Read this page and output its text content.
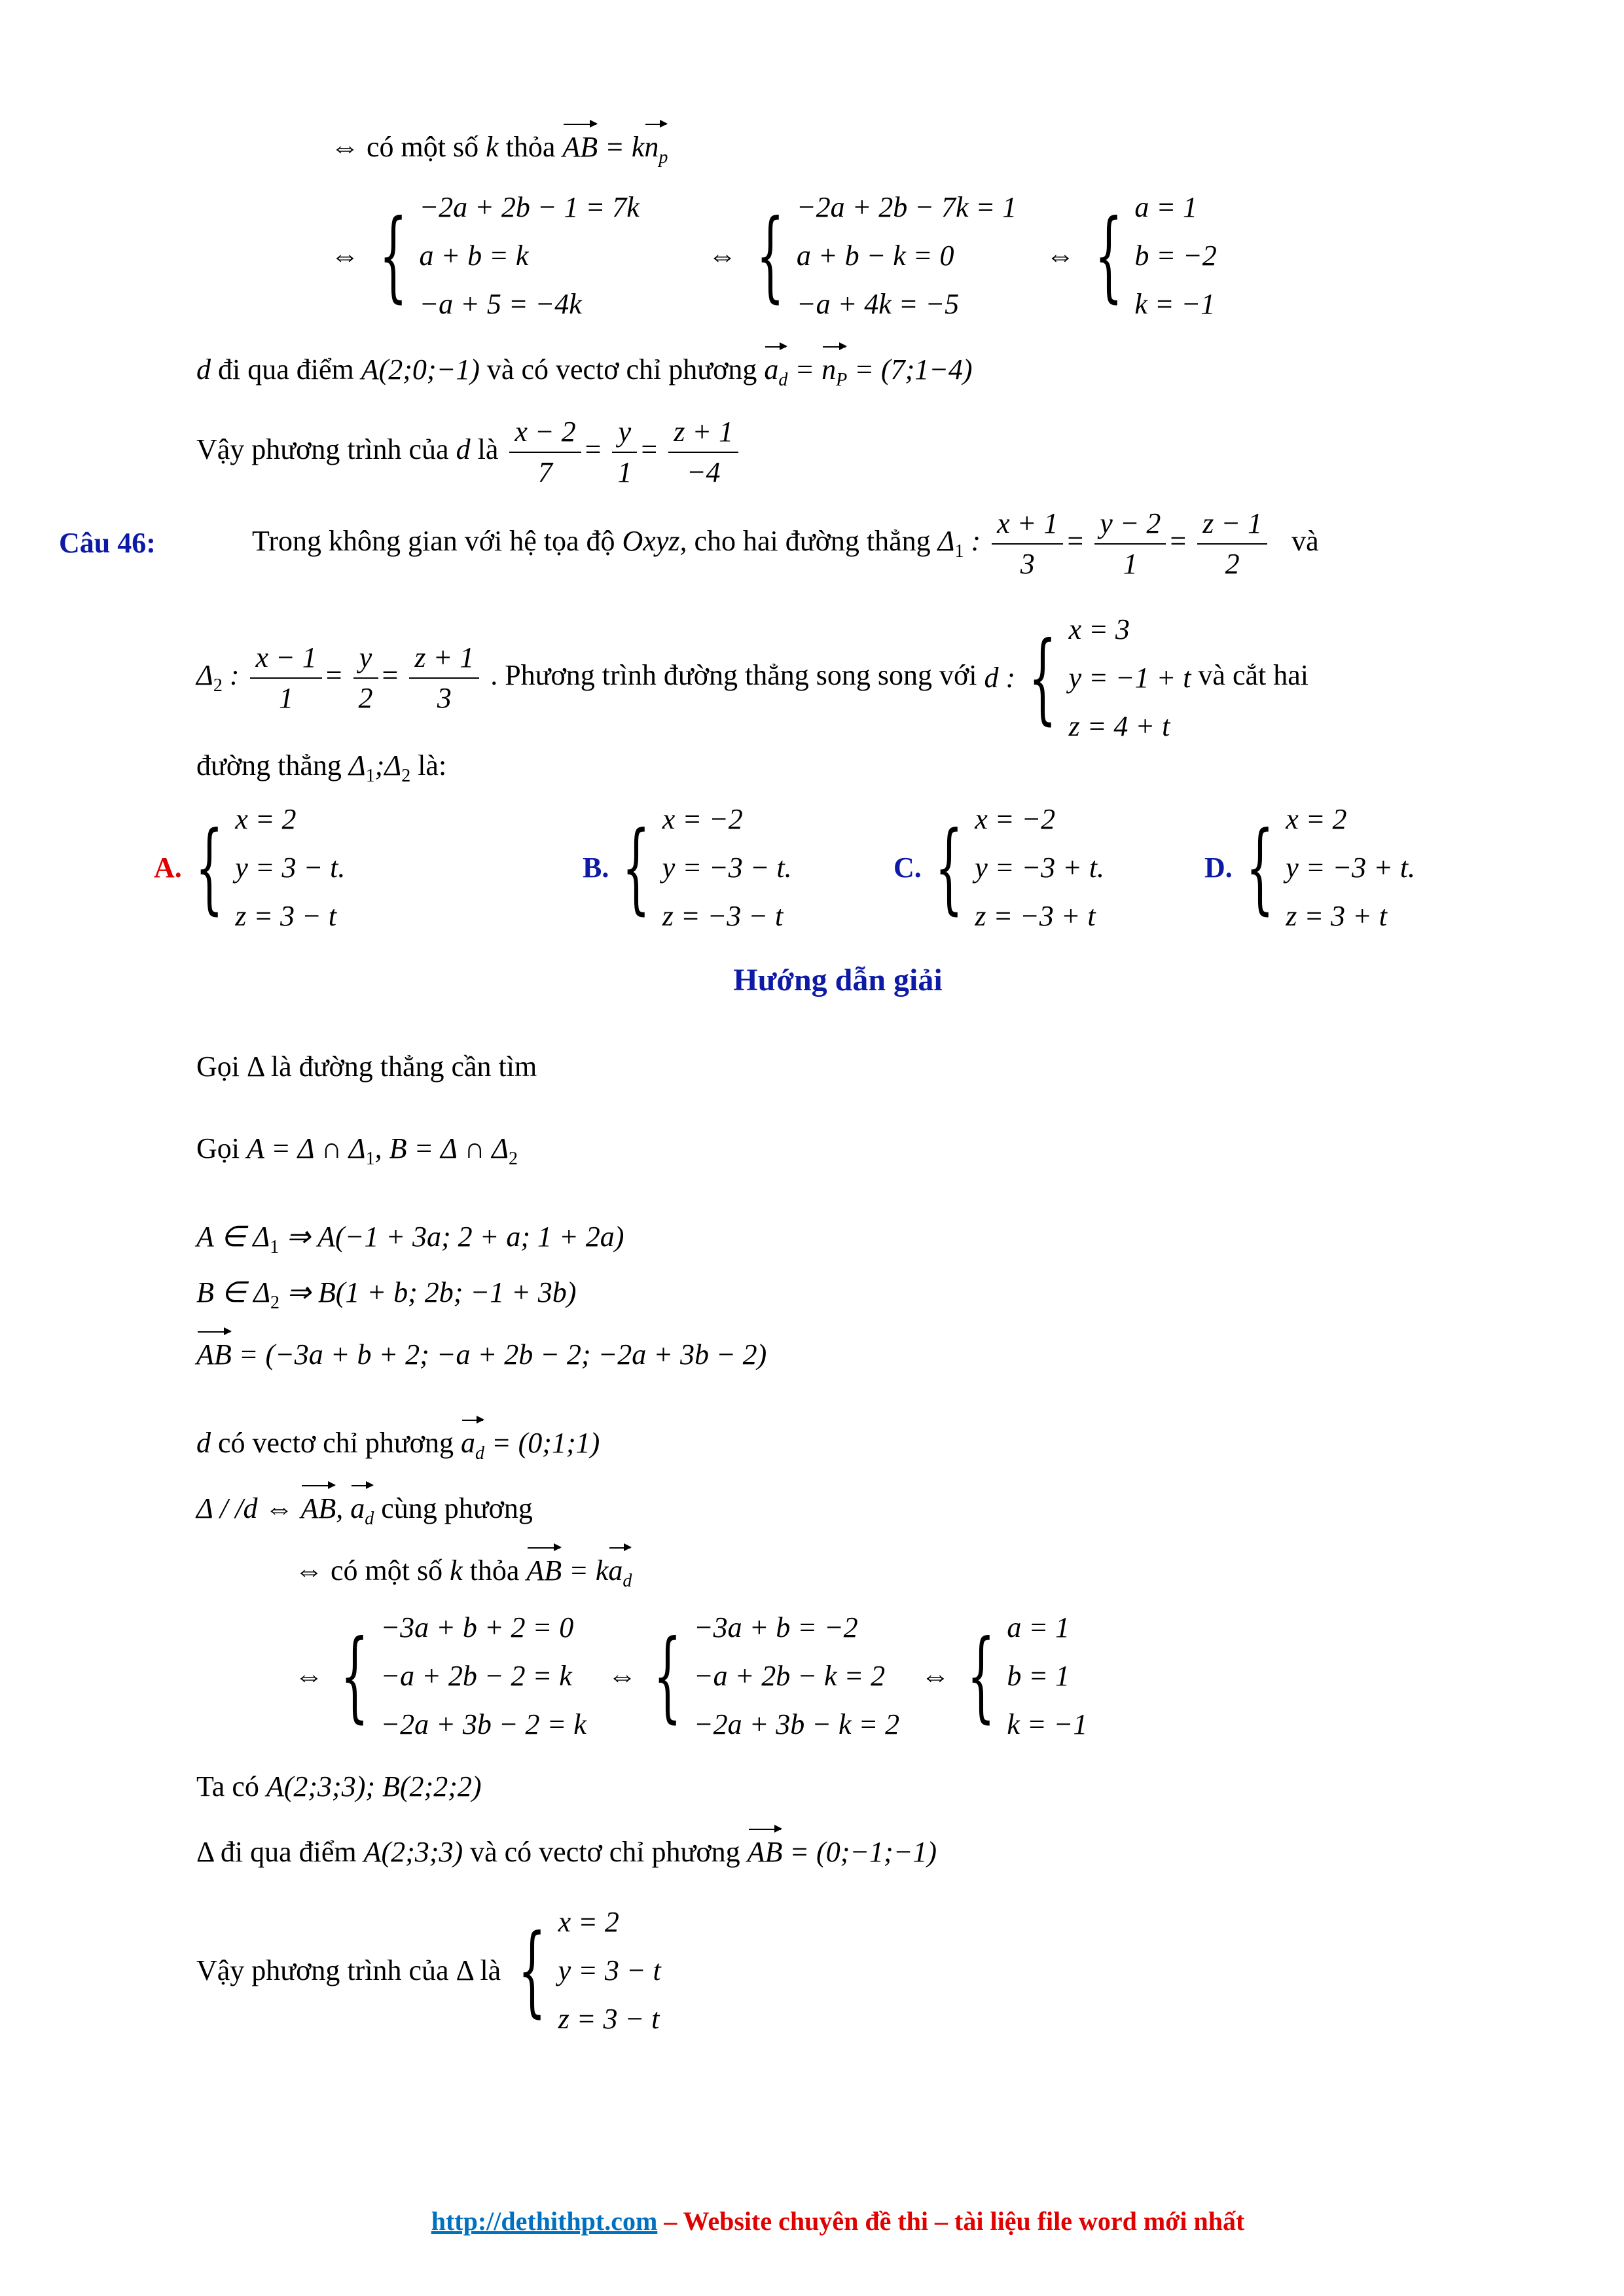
⇔ có một số k thỏa AB = $kn_p$
⇔ { −2a + 2b − 1 = 7k
a + b = k
−a + 5 = −4k

⇔ { −2a + 2b − 7k = 1
a + b − k = 0
−a + 4k = −5

⇔ { a = 1
b = −2
k = −1
d đi qua điểm A(2;0;−1) và có vectơ chỉ phương $a_d = n_P$ = (7;1−4)
Vậy phương trình của d là $\frac{x - 2}{7} = \frac{y}{1} = \frac{z + 1}{-4}$
Câu 46:	Trong không gian với hệ tọa độ Oxyz, cho hai đường thẳng $\Delta_1$ : $\frac{x + 1}{3} = \frac{y - 2}{1} = \frac{z - 1}{2}$ và
$\Delta_2$ : $\frac{x - 1}{1} = \frac{y}{2} = \frac{z + 1}{3}$ . Phương trình đường thẳng song song với d : { x = 3
y = −1 + t
z = 4 + t
và cắt hai
đường thẳng $\Delta_1;\Delta_2$ là:
A. { x = 2
y = 3 − t.
z = 3 − t
B. { x = −2
y = −3 − t.
z = −3 − t
C. { x = −2
y = −3 + t.
z = −3 + t
D. { x = 2
y = −3 + t.
z = 3 + t
Hướng dẫn giải
Gọi Δ là đường thẳng cần tìm
Gọi A = Δ ∩ $\Delta_1$, B = Δ ∩ $\Delta_2$
A ∈ $\Delta_1$ ⇒ A(−1 + 3a; 2 + a; 1 + 2a)
B ∈ $\Delta_2$ ⇒ B(1 + b; 2b; −1 + 3b)
AB = (−3a + b + 2; −a + 2b − 2; −2a + 3b − 2)
d có vectơ chỉ phương $a_d$ = (0;1;1)
Δ / /d ⇔ AB, $a_d$ cùng phương
⇔ có một số k thỏa AB = $ka_d$
⇔ { −3a + b + 2 = 0
−a + 2b − 2 = k
−2a + 3b − 2 = k

⇔ { −3a + b = −2
−a + 2b − k = 2
−2a + 3b − k = 2

⇔ { a = 1
b = 1
k = −1
Ta có A(2;3;3); B(2;2;2)
Δ đi qua điểm A(2;3;3) và có vectơ chỉ phương AB = (0;−1;−1)
Vậy phương trình của Δ là { x = 2
y = 3 − t
z = 3 − t
http://dethithpt.com – Website chuyên đề thi – tài liệu file word mới nhất
